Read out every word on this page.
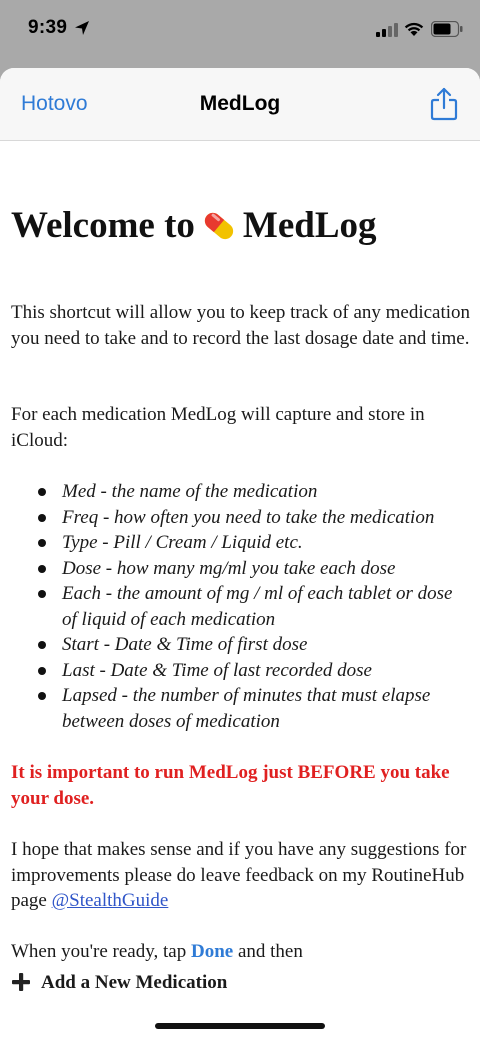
9:39
Hotovo	MedLog
Welcome to MedLog
This shortcut will allow you to keep track of any medication you need to take and to record the last dosage date and time.
For each medication MedLog will capture and store in iCloud:
Med - the name of the medication
Freq - how often you need to take the medication
Type - Pill / Cream / Liquid etc.
Dose - how many mg/ml you take each dose
Each - the amount of mg / ml of each tablet or dose of liquid of each medication
Start - Date & Time of first dose
Last - Date & Time of last recorded dose
Lapsed - the number of minutes that must elapse between doses of medication
It is important to run MedLog just BEFORE you take your dose.
I hope that makes sense and if you have any suggestions for improvements please do leave feedback on my RoutineHub page @StealthGuide
When you're ready, tap Done and then
Add a New Medication
